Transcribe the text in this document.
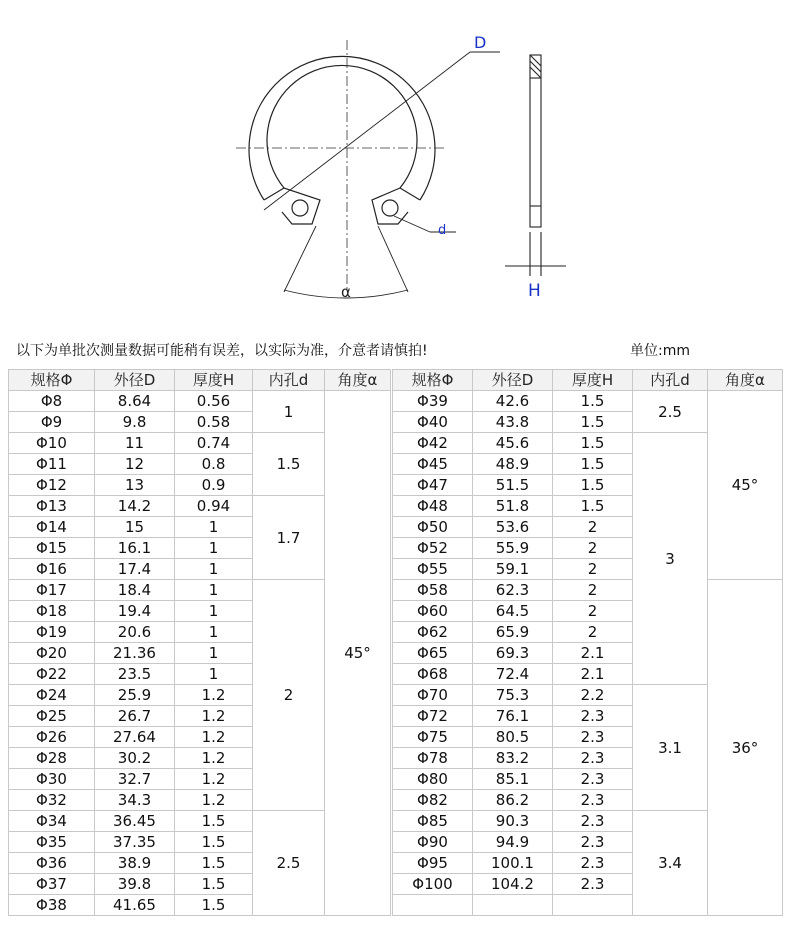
D
d
α	H
以下为单批次测量数据可能稍有误差，以实际为准，介意者请慎拍!	单位:mm
规格Φ	外径D	厚度H	内孔d	角度α
Φ8	8.64	0.56	1	45°
Φ9	9.8	0.58		
Φ10	11	0.74	1.5	
Φ11	12	0.8		
Φ12	13	0.9		
Φ13	14.2	0.94	1.7	
Φ14	15	1		
Φ15	16.1	1		
Φ16	17.4	1		
Φ17	18.4	1	2	
Φ18	19.4	1		
Φ19	20.6	1		
Φ20	21.36	1		
Φ22	23.5	1		
Φ24	25.9	1.2		
Φ25	26.7	1.2		
Φ26	27.64	1.2		
Φ28	30.2	1.2		
Φ30	32.7	1.2		
Φ32	34.3	1.2		
Φ34	36.45	1.5	2.5	
Φ35	37.35	1.5		
Φ36	38.9	1.5		
Φ37	39.8	1.5		
Φ38	41.65	1.5		
规格Φ	外径D	厚度H	内孔d	角度α
Φ39	42.6	1.5	2.5	45°
Φ40	43.8	1.5		
Φ42	45.6	1.5	3	
Φ45	48.9	1.5		
Φ47	51.5	1.5		
Φ48	51.8	1.5		
Φ50	53.6	2		
Φ52	55.9	2		
Φ55	59.1	2		
Φ58	62.3	2		36°
Φ60	64.5	2		
Φ62	65.9	2		
Φ65	69.3	2.1		
Φ68	72.4	2.1		
Φ70	75.3	2.2	3.1	
Φ72	76.1	2.3		
Φ75	80.5	2.3		
Φ78	83.2	2.3		
Φ80	85.1	2.3		
Φ82	86.2	2.3		
Φ85	90.3	2.3	3.4	
Φ90	94.9	2.3		
Φ95	100.1	2.3		
Φ100	104.2	2.3		
